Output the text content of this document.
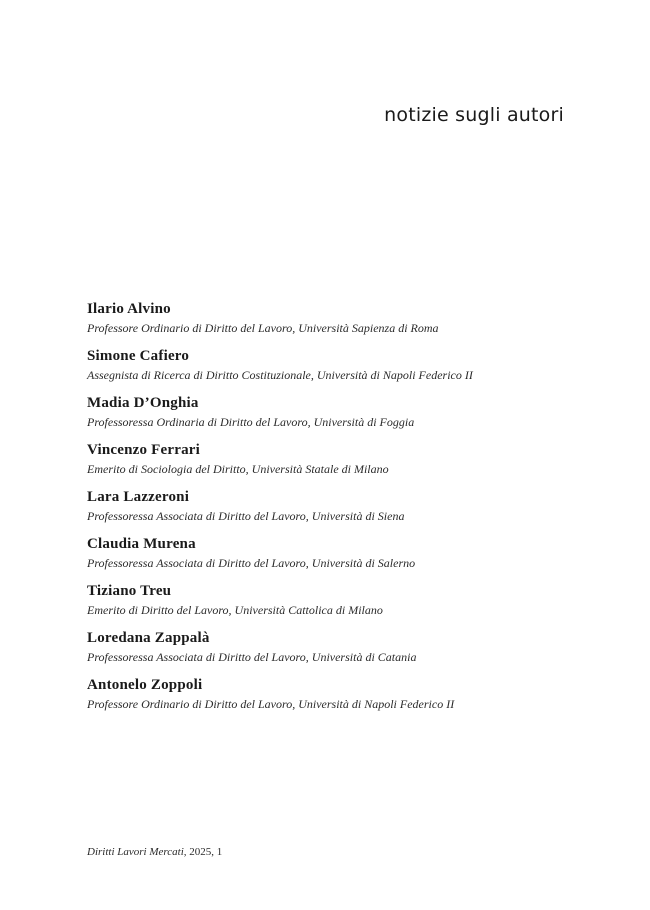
notizie sugli autori
Ilario Alvino
Professore Ordinario di Diritto del Lavoro, Università Sapienza di Roma
Simone Cafiero
Assegnista di Ricerca di Diritto Costituzionale, Università di Napoli Federico II
Madia D’Onghia
Professoressa Ordinaria di Diritto del Lavoro, Università di Foggia
Vincenzo Ferrari
Emerito di Sociologia del Diritto, Università Statale di Milano
Lara Lazzeroni
Professoressa Associata di Diritto del Lavoro, Università di Siena
Claudia Murena
Professoressa Associata di Diritto del Lavoro, Università di Salerno
Tiziano Treu
Emerito di Diritto del Lavoro, Università Cattolica di Milano
Loredana Zappalà
Professoressa Associata di Diritto del Lavoro, Università di Catania
Antonelo Zoppoli
Professore Ordinario di Diritto del Lavoro, Università di Napoli Federico II
Diritti Lavori Mercati, 2025, 1
